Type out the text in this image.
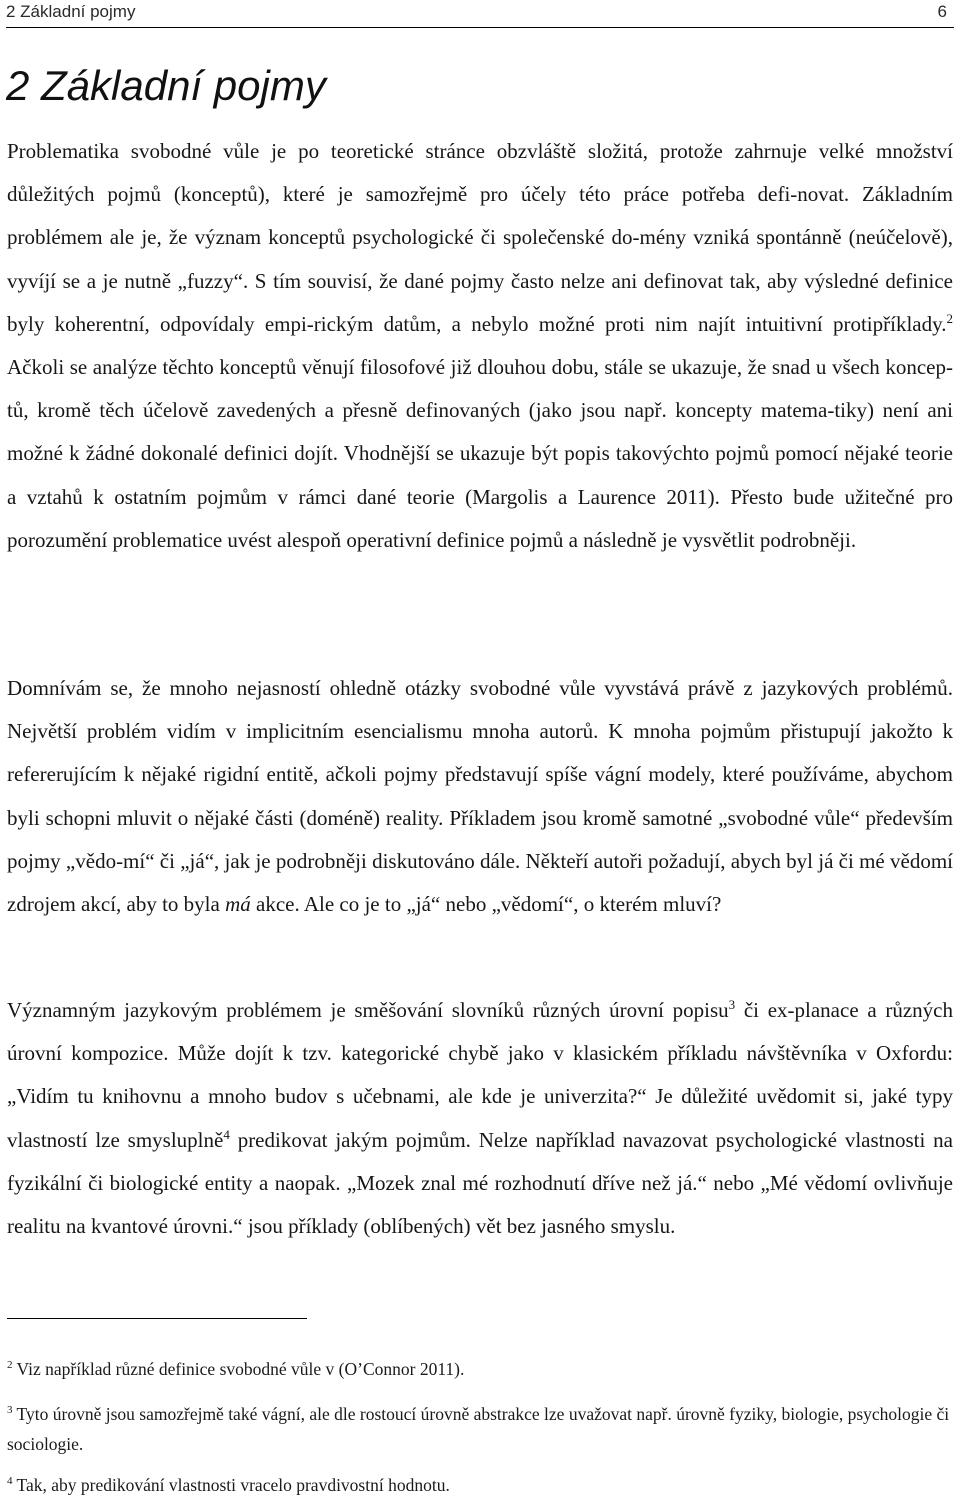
2 Základní pojmy	6
2 Základní pojmy

Problematika svobodné vůle je po teoretické stránce obzvláště složitá, protože zahrnuje velké množství důležitých pojmů (konceptů), které je samozřejmě pro účely této práce potřeba defi-novat. Základním problémem ale je, že význam konceptů psychologické či společenské do-mény vzniká spontánně (neúčelově), vyvíjí se a je nutně „fuzzy“. S tím souvisí, že dané pojmy často nelze ani definovat tak, aby výsledné definice byly koherentní, odpovídaly empi-rickým datům, a nebylo možné proti nim najít intuitivní protipříklady.$^2$ Ačkoli se analýze těchto konceptů věnují filosofové již dlouhou dobu, stále se ukazuje, že snad u všech koncep-tů, kromě těch účelově zavedených a přesně definovaných (jako jsou např. koncepty matema-tiky) není ani možné k žádné dokonalé definici dojít. Vhodnější se ukazuje být popis takovýchto pojmů pomocí nějaké teorie a vztahů k ostatním pojmům v rámci dané teorie (Margolis a Laurence 2011). Přesto bude užitečné pro porozumění problematice uvést alespoň operativní definice pojmů a následně je vysvětlit podrobněji.

Domnívám se, že mnoho nejasností ohledně otázky svobodné vůle vyvstává právě z jazykových problémů. Největší problém vidím v implicitním esencialismu mnoha autorů. K mnoha pojmům přistupují jakožto k refererujícím k nějaké rigidní entitě, ačkoli pojmy představují spíše vágní modely, které používáme, abychom byli schopni mluvit o nějaké části (doméně) reality. Příkladem jsou kromě samotné „svobodné vůle“ především pojmy „vědo-mí“ či „já“, jak je podrobněji diskutováno dále. Někteří autoři požadují, abych byl já či mé vědomí zdrojem akcí, aby to byla má akce. Ale co je to „já“ nebo „vědomí“, o kterém mluví?

Významným jazykovým problémem je směšování slovníků různých úrovní popisu$^3$ či ex-planace a různých úrovní kompozice. Může dojít k tzv. kategorické chybě jako v klasickém příkladu návštěvníka v Oxfordu: „Vidím tu knihovnu a mnoho budov s učebnami, ale kde je univerzita?“ Je důležité uvědomit si, jaké typy vlastností lze smysluplně$^4$ predikovat jakým pojmům. Nelze například navazovat psychologické vlastnosti na fyzikální či biologické entity a naopak. „Mozek znal mé rozhodnutí dříve než já.“ nebo „Mé vědomí ovlivňuje realitu na kvantové úrovni.“ jsou příklady (oblíbených) vět bez jasného smyslu.

$^2$ Viz například různé definice svobodné vůle v (O’Connor 2011).

$^3$ Tyto úrovně jsou samozřejmě také vágní, ale dle rostoucí úrovně abstrakce lze uvažovat např. úrovně fyziky, biologie, psychologie či sociologie.

$^4$ Tak, aby predikování vlastnosti vracelo pravdivostní hodnotu.
